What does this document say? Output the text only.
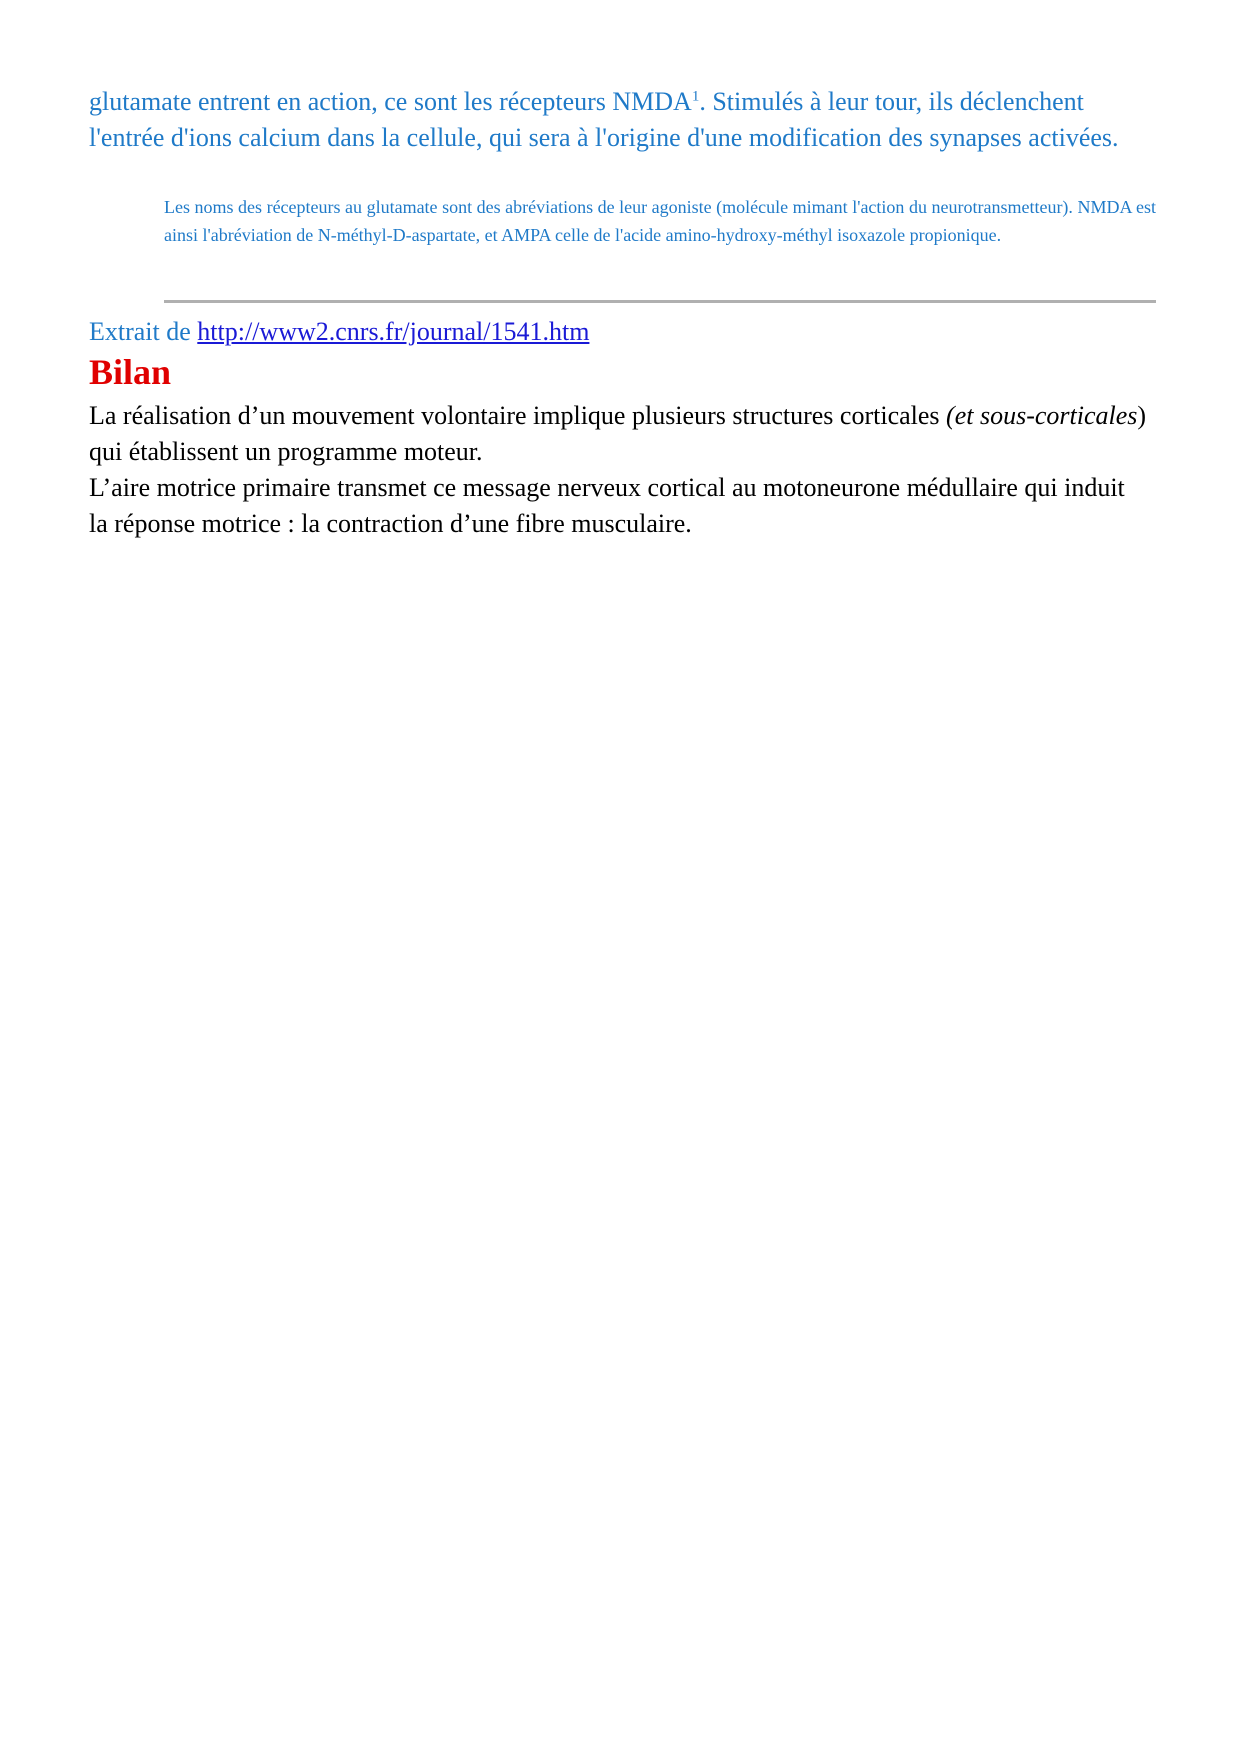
glutamate entrent en action, ce sont les récepteurs NMDA$^1$. Stimulés à leur tour, ils déclenchent l'entrée d'ions calcium dans la cellule, qui sera à l'origine d'une modification des synapses activées.

Les noms des récepteurs au glutamate sont des abréviations de leur agoniste (molécule mimant l'action du neurotransmetteur). NMDA est ainsi l'abréviation de N-méthyl-D-aspartate, et AMPA celle de l'acide amino-hydroxy-méthyl isoxazole propionique.

Extrait de http://www2.cnrs.fr/journal/1541.htm

Bilan

La réalisation d’un mouvement volontaire implique plusieurs structures corticales (et sous-corticales) qui établissent un programme moteur.

L’aire motrice primaire transmet ce message nerveux cortical au motoneurone médullaire qui induit la réponse motrice : la contraction d’une fibre musculaire.
